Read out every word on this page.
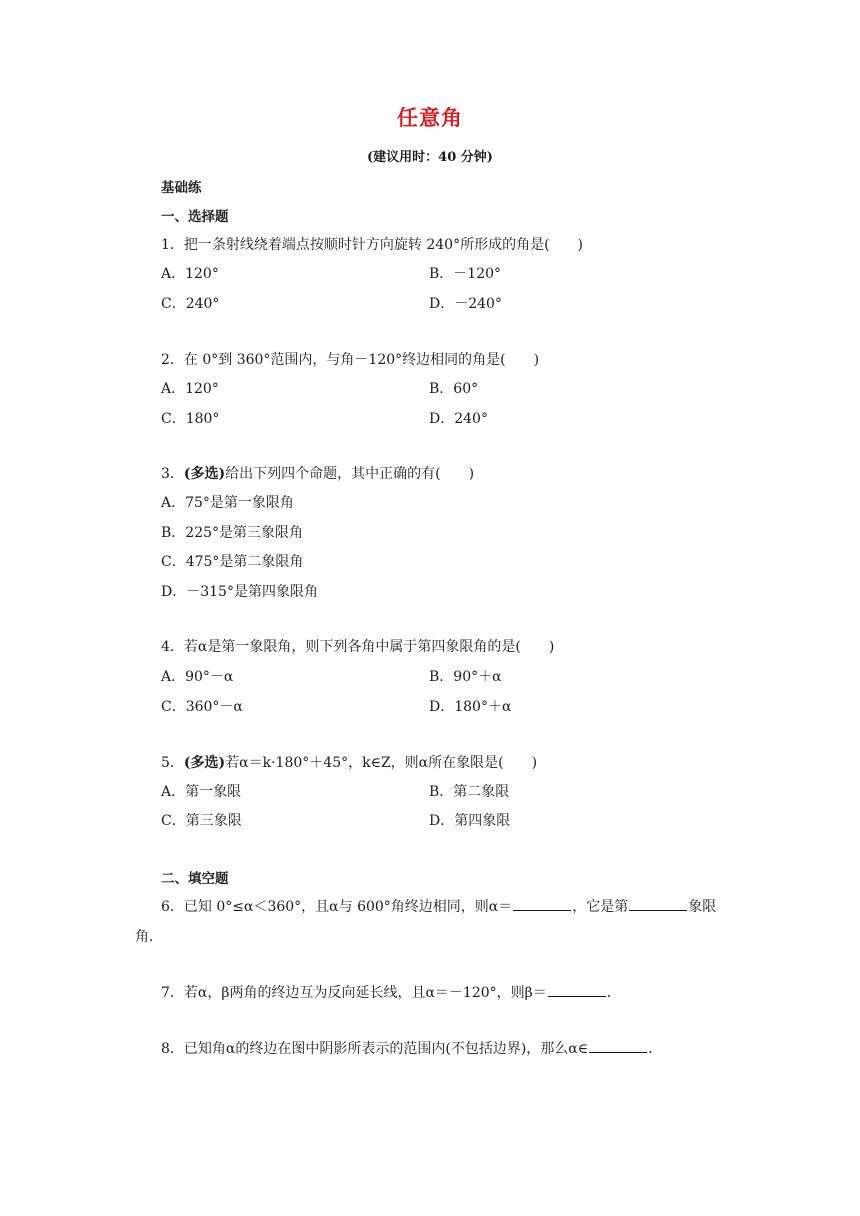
任意角
(建议用时：40 分钟)
基础练
一、选择题
1．把一条射线绕着端点按顺时针方向旋转 240°所形成的角是(　　)
A．120°	B．－120°
C．240°	D．－240°
2．在 0°到 360°范围内，与角－120°终边相同的角是(　　)
A．120°	B．60°
C．180°	D．240°
3．(多选)给出下列四个命题，其中正确的有(　　)
A．75°是第一象限角
B．225°是第三象限角
C．475°是第二象限角
D．－315°是第四象限角
4．若α是第一象限角，则下列各角中属于第四象限角的是(　　)
A．90°－α	B．90°＋α
C．360°－α	D．180°＋α
5．(多选)若α＝k·180°＋45°，k∈Z，则α所在象限是(　　)
A．第一象限	B．第二象限
C．第三象限	D．第四象限
二、填空题
6．已知 0°≤α＜360°，且α与 600°角终边相同，则α＝	，它是第	象限
角．
7．若α，β两角的终边互为反向延长线，且α＝－120°，则β＝	．
8．已知角α的终边在图中阴影所表示的范围内(不包括边界)，那么α∈	．
